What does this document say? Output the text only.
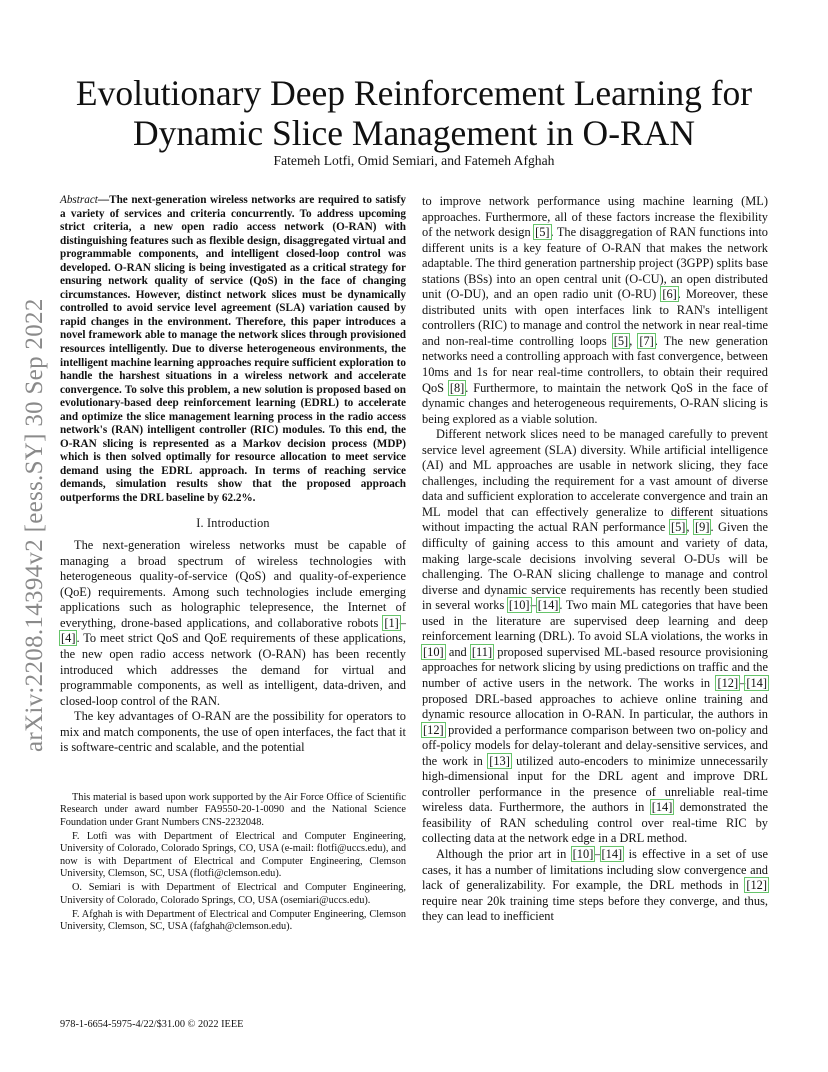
arXiv:2208.14394v2 [eess.SY] 30 Sep 2022
Evolutionary Deep Reinforcement Learning for
Dynamic Slice Management in O-RAN
Fatemeh Lotfi, Omid Semiari, and Fatemeh Afghah
Abstract—The next-generation wireless networks are required to satisfy a variety of services and criteria concurrently. To address upcoming strict criteria, a new open radio access network (O-RAN) with distinguishing features such as flexible design, disaggregated virtual and programmable components, and intelligent closed-loop control was developed. O-RAN slicing is being investigated as a critical strategy for ensuring network quality of service (QoS) in the face of changing circumstances. However, distinct network slices must be dynamically controlled to avoid service level agreement (SLA) variation caused by rapid changes in the environment. Therefore, this paper introduces a novel framework able to manage the network slices through provisioned resources intelligently. Due to diverse heterogeneous environments, the intelligent machine learning approaches require sufficient exploration to handle the harshest situations in a wireless network and accelerate convergence. To solve this problem, a new solution is proposed based on evolutionary-based deep reinforcement learning (EDRL) to accelerate and optimize the slice management learning process in the radio access network's (RAN) intelligent controller (RIC) modules. To this end, the O-RAN slicing is represented as a Markov decision process (MDP) which is then solved optimally for resource allocation to meet service demand using the EDRL approach. In terms of reaching service demands, simulation results show that the proposed approach outperforms the DRL baseline by 62.2%.
I. Introduction

The next-generation wireless networks must be capable of managing a broad spectrum of wireless technologies with heterogeneous quality-of-service (QoS) and quality-of-experience (QoE) requirements. Among such technologies include emerging applications such as holographic telepresence, the Internet of everything, drone-based applications, and collaborative robots [1]–[4]. To meet strict QoS and QoE requirements of these applications, the new open radio access network (O-RAN) has been recently introduced which addresses the demand for virtual and programmable components, as well as intelligent, data-driven, and closed-loop control of the RAN.

The key advantages of O-RAN are the possibility for operators to mix and match components, the use of open interfaces, the fact that it is software-centric and scalable, and the potential

to improve network performance using machine learning (ML) approaches. Furthermore, all of these factors increase the flexibility of the network design [5]. The disaggregation of RAN functions into different units is a key feature of O-RAN that makes the network adaptable. The third generation partnership project (3GPP) splits base stations (BSs) into an open central unit (O-CU), an open distributed unit (O-DU), and an open radio unit (O-RU) [6]. Moreover, these distributed units with open interfaces link to RAN's intelligent controllers (RIC) to manage and control the network in near real-time and non-real-time controlling loops [5], [7]. The new generation networks need a controlling approach with fast convergence, between 10ms and 1s for near real-time controllers, to obtain their required QoS [8]. Furthermore, to maintain the network QoS in the face of dynamic changes and heterogeneous requirements, O-RAN slicing is being explored as a viable solution.

Different network slices need to be managed carefully to prevent service level agreement (SLA) diversity. While artificial intelligence (AI) and ML approaches are usable in network slicing, they face challenges, including the requirement for a vast amount of diverse data and sufficient exploration to accelerate convergence and train an ML model that can effectively generalize to different situations without impacting the actual RAN performance [5], [9]. Given the difficulty of gaining access to this amount and variety of data, making large-scale decisions involving several O-DUs will be challenging. The O-RAN slicing challenge to manage and control diverse and dynamic service requirements has recently been studied in several works [10]–[14]. Two main ML categories that have been used in the literature are supervised deep learning and deep reinforcement learning (DRL). To avoid SLA violations, the works in [10] and [11] proposed supervised ML-based resource provisioning approaches for network slicing by using predictions on traffic and the number of active users in the network. The works in [12]–[14] proposed DRL-based approaches to achieve online training and dynamic resource allocation in O-RAN. In particular, the authors in [12] provided a performance comparison between two on-policy and off-policy models for delay-tolerant and delay-sensitive services, and the work in [13] utilized auto-encoders to minimize unnecessarily high-dimensional input for the DRL agent and improve DRL controller performance in the presence of unreliable real-time wireless data. Furthermore, the authors in [14] demonstrated the feasibility of RAN scheduling control over real-time RIC by collecting data at the network edge in a DRL method.

Although the prior art in [10]–[14] is effective in a set of use cases, it has a number of limitations including slow convergence and lack of generalizability. For example, the DRL methods in [12] require near 20k training time steps before they converge, and thus, they can lead to inefficient

This material is based upon work supported by the Air Force Office of Scientific Research under award number FA9550-20-1-0090 and the National Science Foundation under Grant Numbers CNS-2232048.

F. Lotfi was with Department of Electrical and Computer Engineering, University of Colorado, Colorado Springs, CO, USA (e-mail: flotfi@uccs.edu), and now is with Department of Electrical and Computer Engineering, Clemson University, Clemson, SC, USA (flotfi@clemson.edu).

O. Semiari is with Department of Electrical and Computer Engineering, University of Colorado, Colorado Springs, CO, USA (osemiari@uccs.edu).

F. Afghah is with Department of Electrical and Computer Engineering, Clemson University, Clemson, SC, USA (fafghah@clemson.edu).

978-1-6654-5975-4/22/$31.00 © 2022 IEEE
